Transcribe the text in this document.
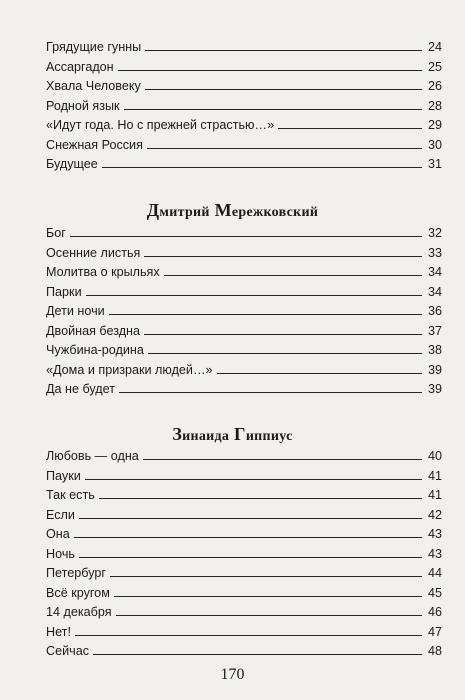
Грядущие гунны	24
Ассаргадон	25
Хвала Человеку	26
Родной язык	28
«Идут года. Но с прежней страстью…»	29
Снежная Россия	30
Будущее	31
Дмитрий Мережковский
Бог	32
Осенние листья	33
Молитва о крыльях	34
Парки	34
Дети ночи	36
Двойная бездна	37
Чужбина-родина	38
«Дома и призраки людей…»	39
Да не будет	39
Зинаида Гиппиус
Любовь — одна	40
Пауки	41
Так есть	41
Если	42
Она	43
Ночь	43
Петербург	44
Всё кругом	45
14 декабря	46
Нет!	47
Сейчас	48
170
